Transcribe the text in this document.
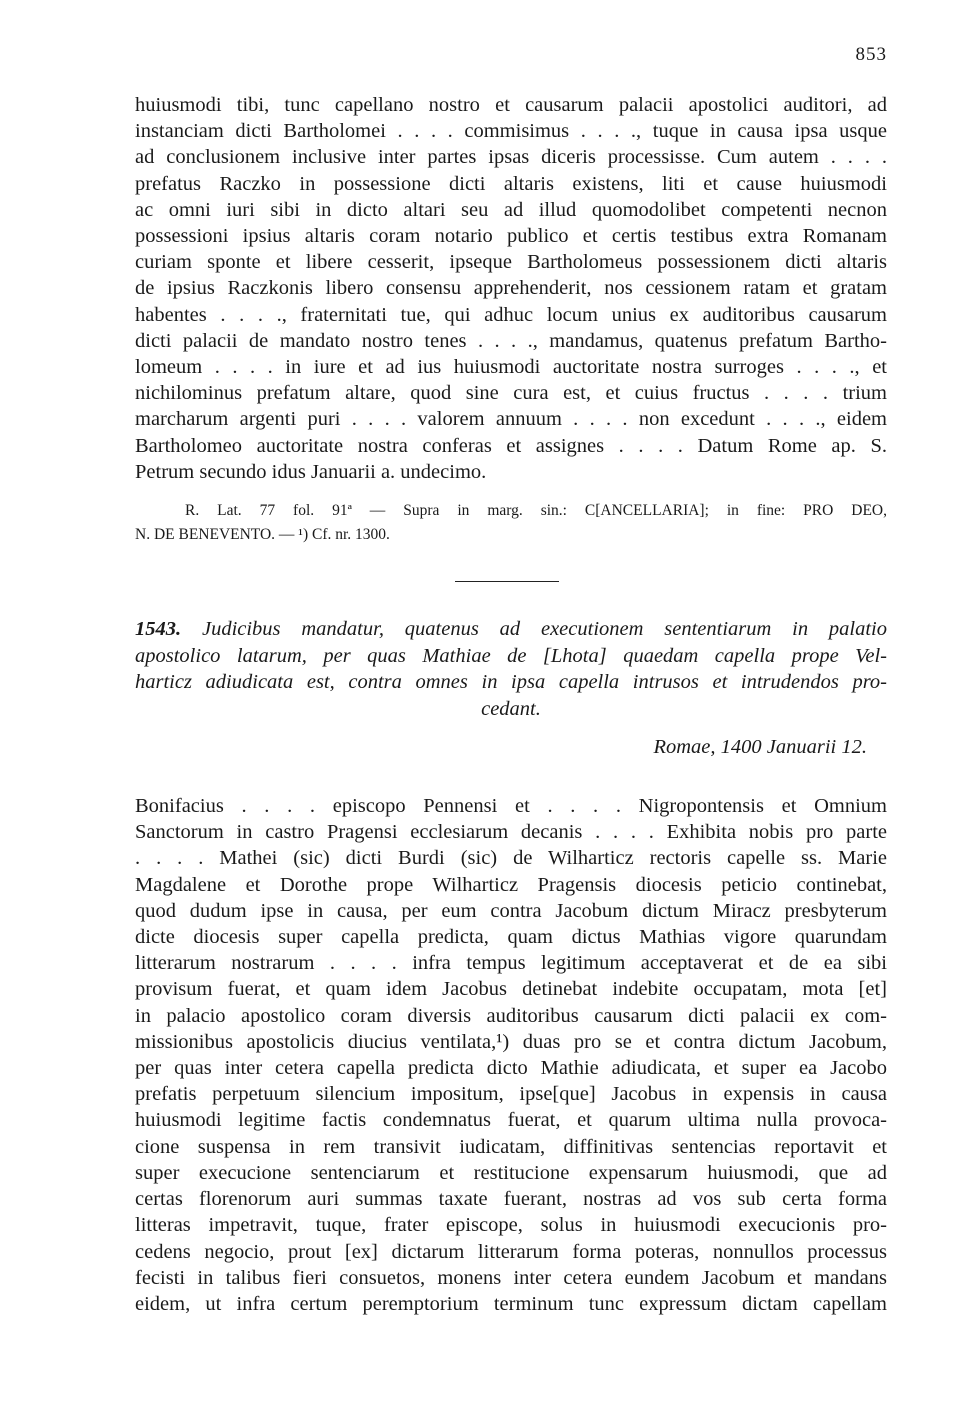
853
huiusmodi tibi, tunc capellano nostro et causarum palacii apostolici auditori, ad
instanciam dicti Bartholomei . . . . commisimus . . . ., tuque in causa ipsa usque
ad conclusionem inclusive inter partes ipsas diceris processisse. Cum autem . . . .
prefatus Raczko in possessione dicti altaris existens, liti et cause huiusmodi
ac omni iuri sibi in dicto altari seu ad illud quomodolibet competenti necnon
possessioni ipsius altaris coram notario publico et certis testibus extra Romanam
curiam sponte et libere cesserit, ipseque Bartholomeus possessionem dicti altaris
de ipsius Raczkonis libero consensu apprehenderit, nos cessionem ratam et gratam
habentes . . . ., fraternitati tue, qui adhuc locum unius ex auditoribus causarum
dicti palacii de mandato nostro tenes . . . ., mandamus, quatenus prefatum Bartho-
lomeum . . . . in iure et ad ius huiusmodi auctoritate nostra surroges . . . ., et
nichilominus prefatum altare, quod sine cura est, et cuius fructus . . . . trium
marcharum argenti puri . . . . valorem annuum . . . . non excedunt . . . ., eidem
Bartholomeo auctoritate nostra conferas et assignes . . . . Datum Rome ap. S.
Petrum secundo idus Januarii a. undecimo.
R. Lat. 77 fol. 91ª — Supra in marg. sin.: C[ANCELLARIA]; in fine: PRO DEO,
N. DE BENEVENTO. — ¹) Cf. nr. 1300.
1543. Judicibus mandatur, quatenus ad executionem sententiarum in palatio
apostolico latarum, per quas Mathiae de [Lhota] quaedam capella prope Vel-
harticz adiudicata est, contra omnes in ipsa capella intrusos et intrudendos pro-
cedant.
Romae, 1400 Januarii 12.
Bonifacius . . . . episcopo Pennensi et . . . . Nigropontensis et Omnium
Sanctorum in castro Pragensi ecclesiarum decanis . . . . Exhibita nobis pro parte
. . . . Mathei (sic) dicti Burdi (sic) de Wilharticz rectoris capelle ss. Marie
Magdalene et Dorothe prope Wilharticz Pragensis diocesis peticio continebat,
quod dudum ipse in causa, per eum contra Jacobum dictum Miracz presbyterum
dicte diocesis super capella predicta, quam dictus Mathias vigore quarundam
litterarum nostrarum . . . . infra tempus legitimum acceptaverat et de ea sibi
provisum fuerat, et quam idem Jacobus detinebat indebite occupatam, mota [et]
in palacio apostolico coram diversis auditoribus causarum dicti palacii ex com-
missionibus apostolicis diucius ventilata,¹) duas pro se et contra dictum Jacobum,
per quas inter cetera capella predicta dicto Mathie adiudicata, et super ea Jacobo
prefatis perpetuum silencium impositum, ipse[que] Jacobus in expensis in causa
huiusmodi legitime factis condemnatus fuerat, et quarum ultima nulla provoca-
cione suspensa in rem transivit iudicatam, diffinitivas sentencias reportavit et
super execucione sentenciarum et restitucione expensarum huiusmodi, que ad
certas florenorum auri summas taxate fuerant, nostras ad vos sub certa forma
litteras impetravit, tuque, frater episcope, solus in huiusmodi execucionis pro-
cedens negocio, prout [ex] dictarum litterarum forma poteras, nonnullos processus
fecisti in talibus fieri consuetos, monens inter cetera eundem Jacobum et mandans
eidem, ut infra certum peremptorium terminum tunc expressum dictam capellam
